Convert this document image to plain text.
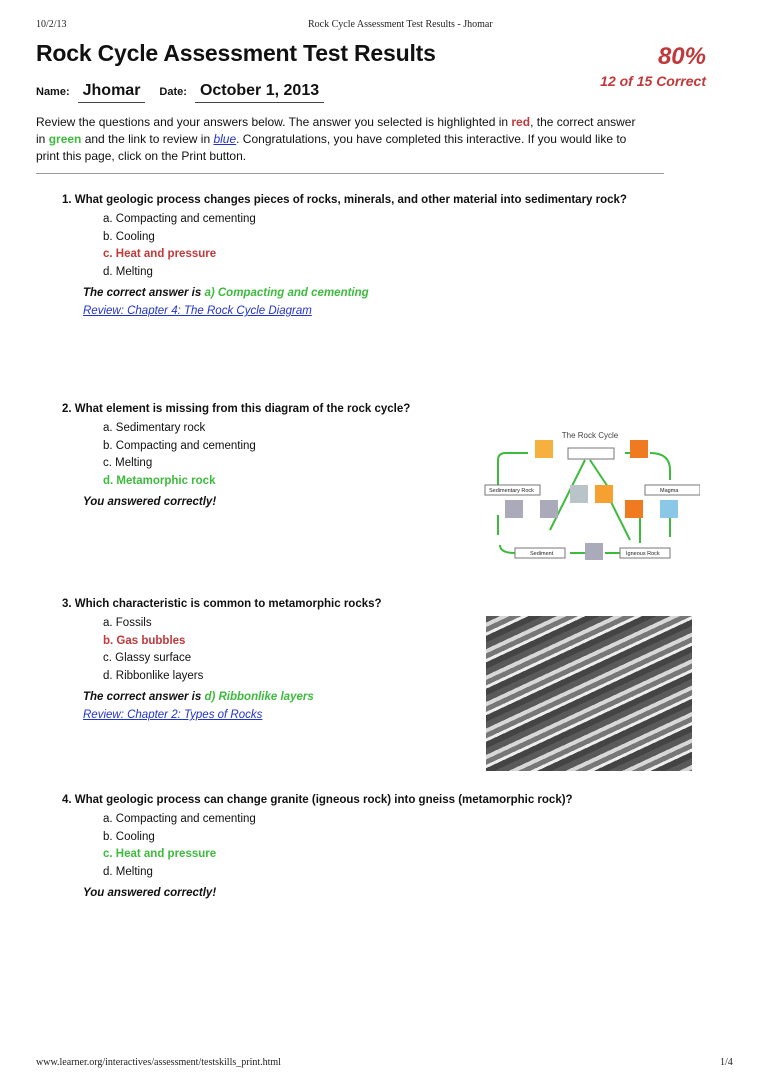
10/2/13	Rock Cycle Assessment Test Results - Jhomar
Rock Cycle Assessment Test Results	80%
12 of 15 Correct
Name: Jhomar	Date: October 1, 2013
Review the questions and your answers below. The answer you selected is highlighted in red, the correct answer in green and the link to review in blue. Congratulations, you have completed this interactive. If you would like to print this page, click on the Print button.
1. What geologic process changes pieces of rocks, minerals, and other material into sedimentary rock?
a. Compacting and cementing
b. Cooling
c. Heat and pressure
d. Melting
The correct answer is a) Compacting and cementing
Review: Chapter 4: The Rock Cycle Diagram
2. What element is missing from this diagram of the rock cycle?
a. Sedimentary rock
b. Compacting and cementing
c. Melting
d. Metamorphic rock
You answered correctly!
The Rock Cycle
Sedimentary Rock	Magma
Sediment	Igneous Rock
3. Which characteristic is common to metamorphic rocks?
a. Fossils
b. Gas bubbles
c. Glassy surface
d. Ribbonlike layers
The correct answer is d) Ribbonlike layers
Review: Chapter 2: Types of Rocks
4. What geologic process can change granite (igneous rock) into gneiss (metamorphic rock)?
a. Compacting and cementing
b. Cooling
c. Heat and pressure
d. Melting
You answered correctly!
www.learner.org/interactives/assessment/testskills_print.html	1/4
